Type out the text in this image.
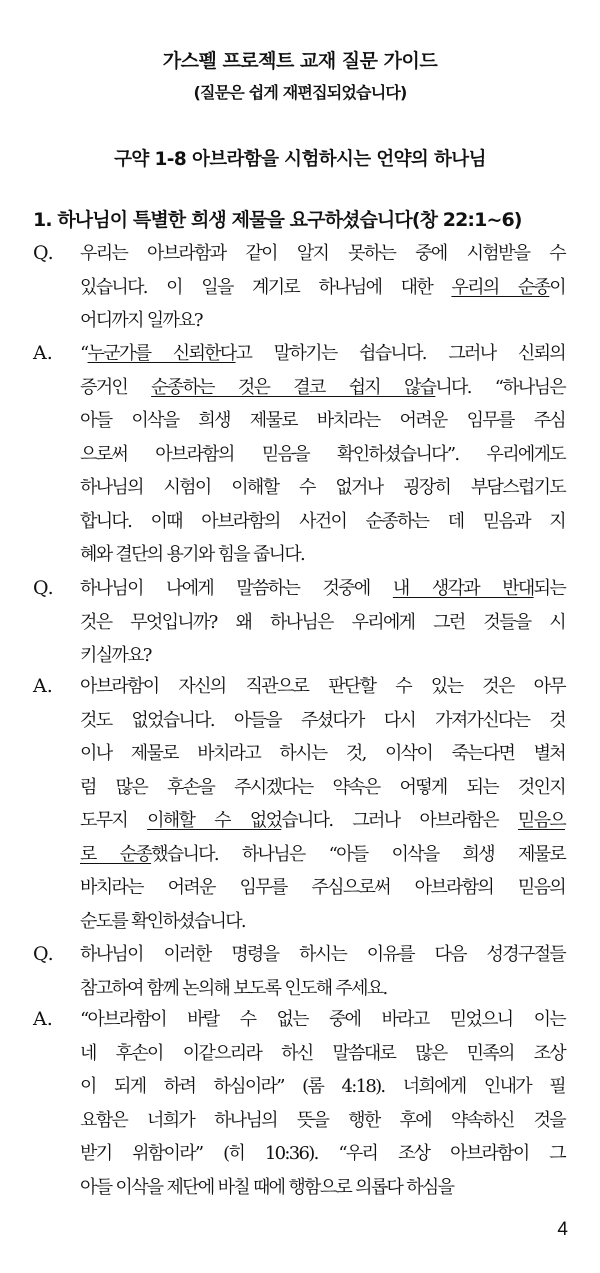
가스펠 프로젝트 교재 질문 가이드
(질문은 쉽게 재편집되었습니다)
구약 1-8 아브라함을 시험하시는 언약의 하나님
1. 하나님이 특별한 희생 제물을 요구하셨습니다(창 22:1~6)
Q. 우리는 아브라함과 같이 알지 못하는 중에 시험받을 수
있습니다. 이 일을 계기로 하나님에 대한 우리의 순종이
어디까지 일까요?
A. “누군가를 신뢰한다고 말하기는 쉽습니다. 그러나 신뢰의
증거인 순종하는 것은 결코 쉽지 않습니다. “하나님은
아들 이삭을 희생 제물로 바치라는 어려운 임무를 주심
으로써 아브라함의 믿음을 확인하셨습니다”. 우리에게도
하나님의 시험이 이해할 수 없거나 굉장히 부담스럽기도
합니다. 이때 아브라함의 사건이 순종하는 데 믿음과 지
혜와 결단의 용기와 힘을 줍니다.
Q. 하나님이 나에게 말씀하는 것중에 내 생각과 반대되는
것은 무엇입니까? 왜 하나님은 우리에게 그런 것들을 시
키실까요?
A. 아브라함이 자신의 직관으로 판단할 수 있는 것은 아무
것도 없었습니다. 아들을 주셨다가 다시 가져가신다는 것
이나 제물로 바치라고 하시는 것, 이삭이 죽는다면 별처
럼 많은 후손을 주시겠다는 약속은 어떻게 되는 것인지
도무지 이해할 수 없었습니다. 그러나 아브라함은 믿음으
로 순종했습니다. 하나님은 “아들 이삭을 희생 제물로
바치라는 어려운 임무를 주심으로써 아브라함의 믿음의
순도를 확인하셨습니다.
Q. 하나님이 이러한 명령을 하시는 이유를 다음 성경구절들
참고하여 함께 논의해 보도록 인도해 주세요.
A. “아브라함이 바랄 수 없는 중에 바라고 믿었으니 이는
네 후손이 이같으리라 하신 말씀대로 많은 민족의 조상
이 되게 하려 하심이라” (롬 4:18). 너희에게 인내가 필
요함은 너희가 하나님의 뜻을 행한 후에 약속하신 것을
받기 위함이라” (히 10:36). “우리 조상 아브라함이 그
아들 이삭을 제단에 바칠 때에 행함으로 의롭다 하심을
4
